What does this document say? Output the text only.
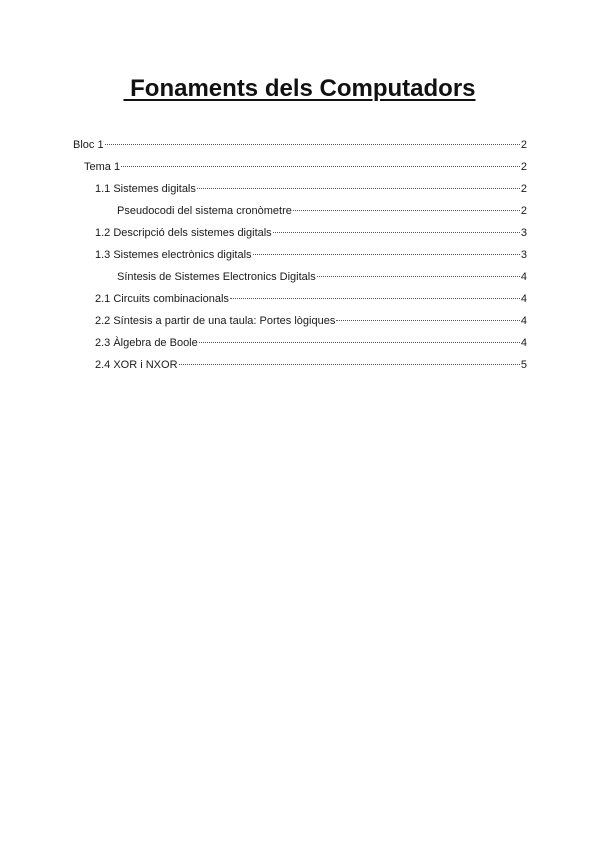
Fonaments dels Computadors
Bloc 1	2
Tema 1	2
1.1 Sistemes digitals	2
Pseudocodi del sistema cronòmetre	2
1.2 Descripció dels sistemes digitals	3
1.3 Sistemes electrònics digitals	3
Síntesis de Sistemes Electronics Digitals	4
2.1 Circuits combinacionals	4
2.2 Síntesis a partir de una taula: Portes lògiques	4
2.3 Àlgebra de Boole	4
2.4 XOR i NXOR	5
